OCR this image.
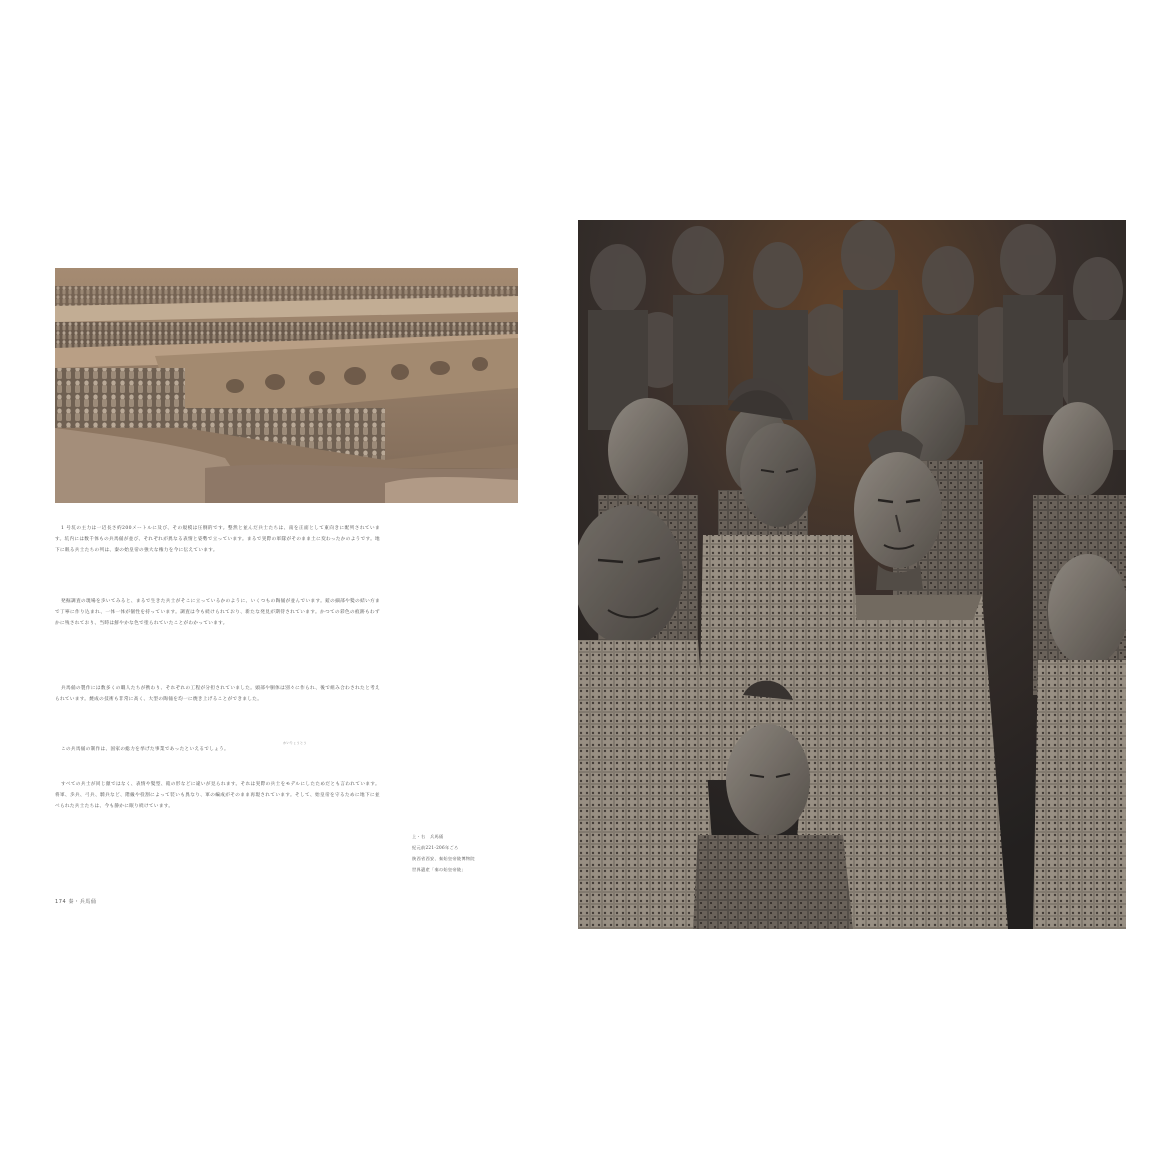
1 号坑の主力は一辺長さ約200メートルに及び、その規模は圧倒的です。整然と並んだ兵士たちは、南を正面として東向きに配列されています。坑内には数千体もの兵馬俑が並び、それぞれが異なる表情と姿勢で立っています。まるで実際の軍隊がそのまま土に変わったかのようです。地下に眠る兵士たちの列は、秦の始皇帝の強大な権力を今に伝えています。

発掘調査の現場を歩いてみると、まるで生きた兵士がそこに立っているかのように、いくつもの陶俑が並んでいます。鎧の細部や髪の結い方まで丁寧に作り込まれ、一体一体が個性を持っています。調査は今も続けられており、新たな発見が期待されています。かつての彩色の痕跡もわずかに残されており、当時は鮮やかな色で塗られていたことがわかっています。

兵馬俑の製作には数多くの職人たちが携わり、それぞれの工程が分担されていました。頭部や胴体は別々に作られ、後で組み合わされたと考えられています。焼成の技術も非常に高く、大型の陶俑を均一に焼き上げることができました。

この兵馬俑の制作は、国家の総力を挙げた事業であったといえるでしょう。

すべての兵士が同じ顔ではなく、表情や髪型、鎧の形などに違いが見られます。それは実際の兵士をモデルにしたためだとも言われています。将軍、歩兵、弓兵、騎兵など、階級や役割によって装いも異なり、軍の編成がそのまま再現されています。そして、始皇帝を守るために地下に並べられた兵士たちは、今も静かに眠り続けています。

かいりょうとう
上・右　兵馬俑
紀元前221-206年ごろ
陝西省西安、秦始皇帝陵博物院
世界遺産「秦の始皇帝陵」
174 秦・兵馬俑
